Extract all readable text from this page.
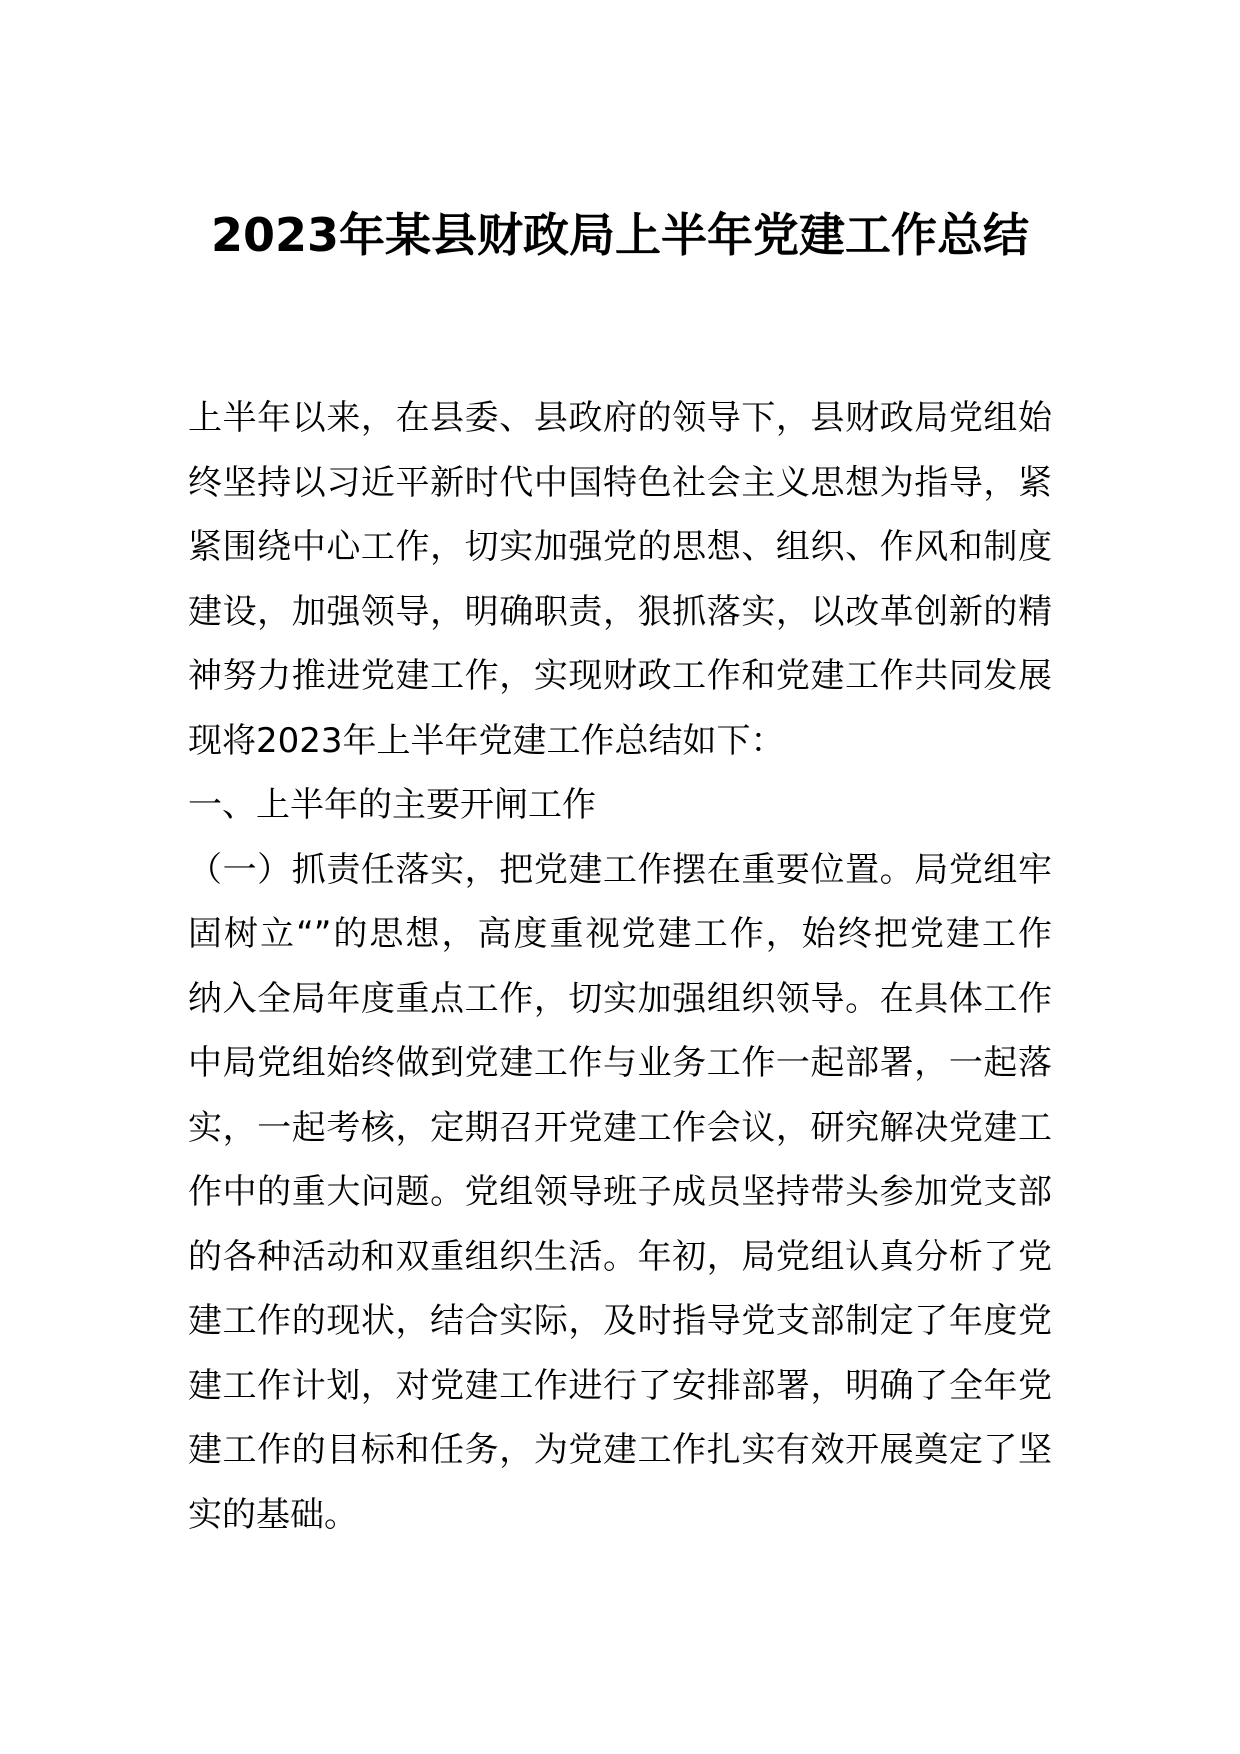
2023年某县财政局上半年党建工作总结
上半年以来，在县委、县政府的领导下，县财政局党组始
终坚持以习近平新时代中国特色社会主义思想为指导，紧
紧围绕中心工作，切实加强党的思想、组织、作风和制度
建设，加强领导，明确职责，狠抓落实，以改革创新的精
神努力推进党建工作，实现财政工作和党建工作共同发展
现将2023年上半年党建工作总结如下：
一、上半年的主要开闸工作
（一）抓责任落实，把党建工作摆在重要位置。局党组牢
固树立“”的思想，高度重视党建工作，始终把党建工作
纳入全局年度重点工作，切实加强组织领导。在具体工作
中局党组始终做到党建工作与业务工作一起部署，一起落
实，一起考核，定期召开党建工作会议，研究解决党建工
作中的重大问题。党组领导班子成员坚持带头参加党支部
的各种活动和双重组织生活。年初，局党组认真分析了党
建工作的现状，结合实际，及时指导党支部制定了年度党
建工作计划，对党建工作进行了安排部署，明确了全年党
建工作的目标和任务，为党建工作扎实有效开展奠定了坚
实的基础。
